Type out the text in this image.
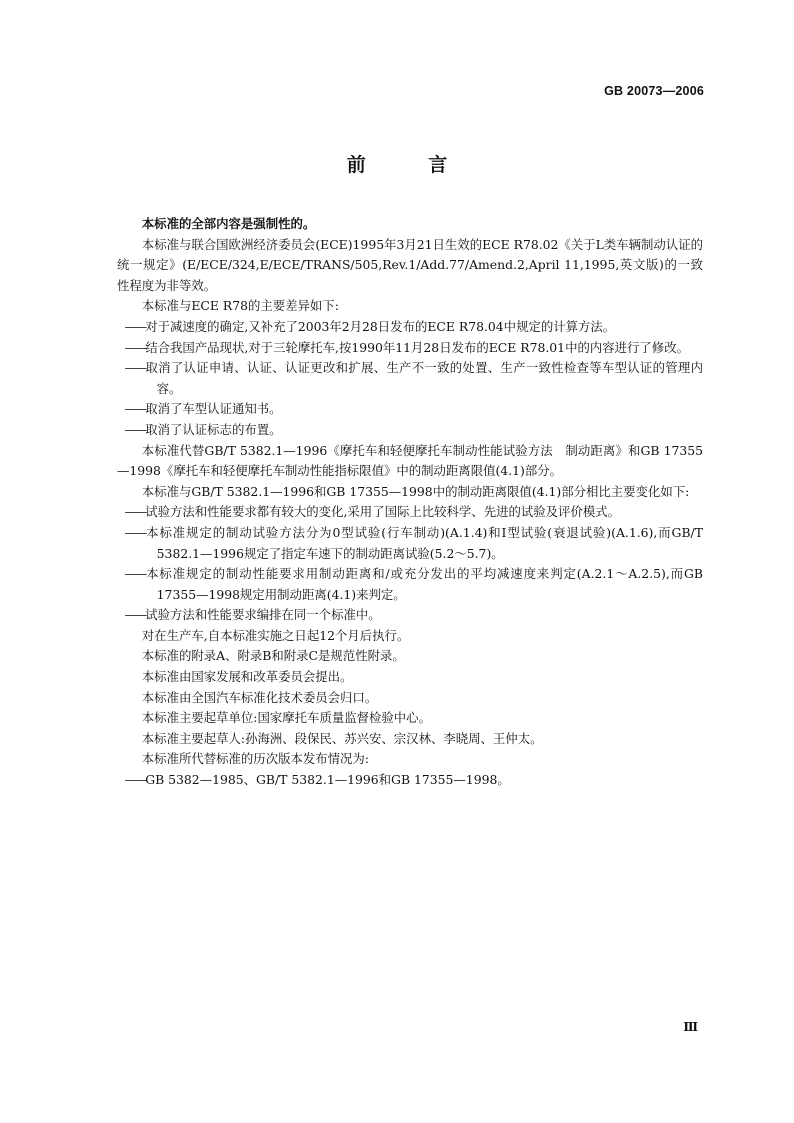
GB 20073—2006
前 言

本标准的全部内容是强制性的。

本标准与联合国欧洲经济委员会(ECE)1995年3月21日生效的ECE R78.02《关于L类车辆制动认证的统一规定》(E/ECE/324,E/ECE/TRANS/505,Rev.1/Add.77/Amend.2,April 11,1995,英文版)的一致性程度为非等效。

本标准与ECE R78的主要差异如下:

——对于减速度的确定,又补充了2003年2月28日发布的ECE R78.04中规定的计算方法。

——结合我国产品现状,对于三轮摩托车,按1990年11月28日发布的ECE R78.01中的内容进行了修改。

——取消了认证申请、认证、认证更改和扩展、生产不一致的处置、生产一致性检查等车型认证的管理内容。

——取消了车型认证通知书。

——取消了认证标志的布置。

本标准代替GB/T 5382.1—1996《摩托车和轻便摩托车制动性能试验方法　制动距离》和GB 17355—1998《摩托车和轻便摩托车制动性能指标限值》中的制动距离限值(4.1)部分。

本标准与GB/T 5382.1—1996和GB 17355—1998中的制动距离限值(4.1)部分相比主要变化如下:

——试验方法和性能要求都有较大的变化,采用了国际上比较科学、先进的试验及评价模式。

——本标准规定的制动试验方法分为0型试验(行车制动)(A.1.4)和Ⅰ型试验(衰退试验)(A.1.6),而GB/T 5382.1—1996规定了指定车速下的制动距离试验(5.2～5.7)。

——本标准规定的制动性能要求用制动距离和/或充分发出的平均减速度来判定(A.2.1～A.2.5),而GB 17355—1998规定用制动距离(4.1)来判定。

——试验方法和性能要求编排在同一个标准中。

对在生产车,自本标准实施之日起12个月后执行。

本标准的附录A、附录B和附录C是规范性附录。

本标准由国家发展和改革委员会提出。

本标准由全国汽车标准化技术委员会归口。

本标准主要起草单位:国家摩托车质量监督检验中心。

本标准主要起草人:孙海洲、段保民、苏兴安、宗汉林、李晓周、王仲太。

本标准所代替标准的历次版本发布情况为:

——GB 5382—1985、GB/T 5382.1—1996和GB 17355—1998。

Ⅲ
